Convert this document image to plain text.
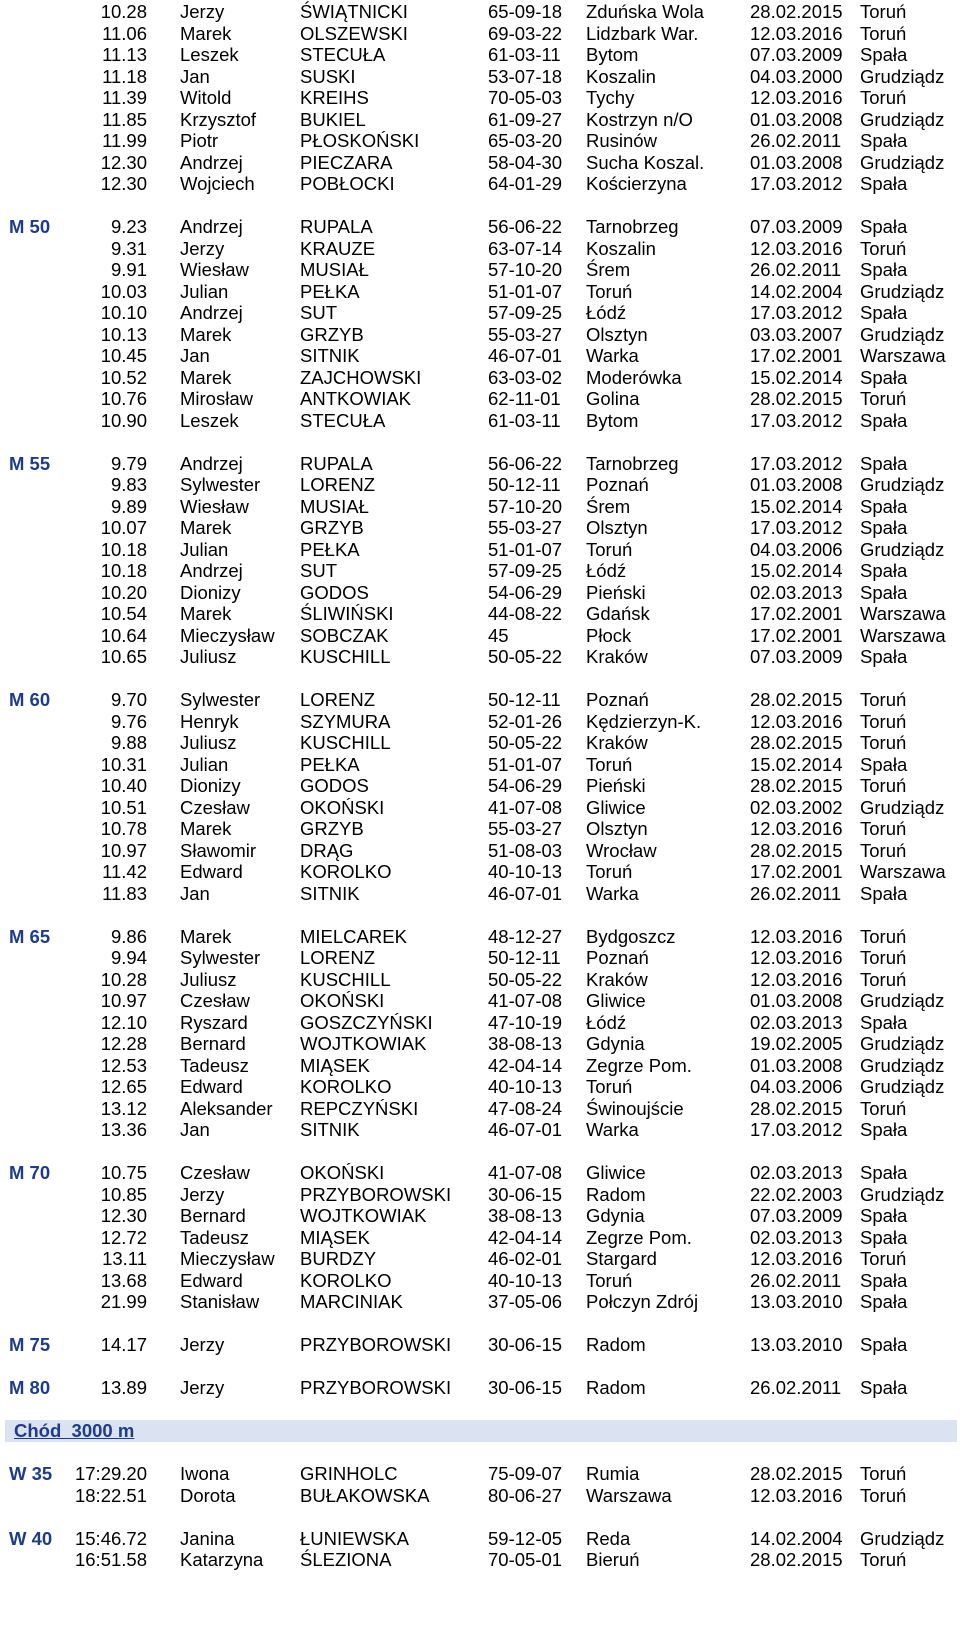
10.28 Jerzy	ŚWIĄTNICKI	65-09-18 Zduńska Wola 28.02.2015 Toruń
11.06 Marek	OLSZEWSKI	69-03-22 Lidzbark War.	12.03.2016 Toruń
11.13 Leszek	STECUŁA	61-03-11 Bytom	07.03.2009 Spała
11.18 Jan	SUSKI	53-07-18 Koszalin	04.03.2000 Grudziądz
11.39 Witold	KREIHS	70-05-03 Tychy	12.03.2016 Toruń
11.85 Krzysztof BUKIEL	61-09-27 Kostrzyn n/O	01.03.2008 Grudziądz
11.99 Piotr	PŁOSKOŃSKI	65-03-20 Rusinów	26.02.2011 Spała
12.30 Andrzej	PIECZARA	58-04-30 Sucha Koszal. 01.03.2008 Grudziądz
12.30 Wojciech POBŁOCKI	64-01-29 Kościerzyna	17.03.2012 Spała
M 50	9.23 Andrzej	RUPALA	56-06-22 Tarnobrzeg	07.03.2009 Spała
9.31 Jerzy	KRAUZE	63-07-14 Koszalin	12.03.2016 Toruń
9.91 Wiesław	MUSIAŁ	57-10-20 Śrem	26.02.2011 Spała
10.03 Julian	PEŁKA	51-01-07 Toruń	14.02.2004 Grudziądz
10.10 Andrzej	SUT	57-09-25 Łódź	17.03.2012 Spała
10.13 Marek	GRZYB	55-03-27 Olsztyn	03.03.2007 Grudziądz
10.45 Jan	SITNIK	46-07-01 Warka	17.02.2001 Warszawa
10.52 Marek	ZAJCHOWSKI	63-03-02 Moderówka	15.02.2014 Spała
10.76 Mirosław	ANTKOWIAK	62-11-01 Golina	28.02.2015 Toruń
10.90 Leszek	STECUŁA	61-03-11 Bytom	17.03.2012 Spała
M 55	9.79 Andrzej	RUPALA	56-06-22 Tarnobrzeg	17.03.2012 Spała
9.83 Sylwester LORENZ	50-12-11 Poznań	01.03.2008 Grudziądz
9.89 Wiesław	MUSIAŁ	57-10-20 Śrem	15.02.2014 Spała
10.07 Marek	GRZYB	55-03-27 Olsztyn	17.03.2012 Spała
10.18 Julian	PEŁKA	51-01-07 Toruń	04.03.2006 Grudziądz
10.18 Andrzej	SUT	57-09-25 Łódź	15.02.2014 Spała
10.20 Dionizy	GODOS	54-06-29 Pieński	02.03.2013 Spała
10.54 Marek	ŚLIWIŃSKI	44-08-22 Gdańsk	17.02.2001 Warszawa
10.64 Mieczysław SOBCZAK	45	Płock	17.02.2001 Warszawa
10.65 Juliusz	KUSCHILL	50-05-22 Kraków	07.03.2009 Spała
M 60	9.70 Sylwester LORENZ	50-12-11 Poznań	28.02.2015 Toruń
9.76 Henryk	SZYMURA	52-01-26 Kędzierzyn-K.	12.03.2016 Toruń
9.88 Juliusz	KUSCHILL	50-05-22 Kraków	28.02.2015 Toruń
10.31 Julian	PEŁKA	51-01-07 Toruń	15.02.2014 Spała
10.40 Dionizy	GODOS	54-06-29 Pieński	28.02.2015 Toruń
10.51 Czesław	OKOŃSKI	41-07-08 Gliwice	02.03.2002 Grudziądz
10.78 Marek	GRZYB	55-03-27 Olsztyn	12.03.2016 Toruń
10.97 Sławomir DRĄG	51-08-03 Wrocław	28.02.2015 Toruń
11.42 Edward	KOROLKO	40-10-13 Toruń	17.02.2001 Warszawa
11.83 Jan	SITNIK	46-07-01 Warka	26.02.2011 Spała
M 65	9.86 Marek	MIELCAREK	48-12-27 Bydgoszcz	12.03.2016 Toruń
9.94 Sylwester LORENZ	50-12-11 Poznań	12.03.2016 Toruń
10.28 Juliusz	KUSCHILL	50-05-22 Kraków	12.03.2016 Toruń
10.97 Czesław	OKOŃSKI	41-07-08 Gliwice	01.03.2008 Grudziądz
12.10 Ryszard	GOSZCZYŃSKI	47-10-19 Łódź	02.03.2013 Spała
12.28 Bernard	WOJTKOWIAK	38-08-13 Gdynia	19.02.2005 Grudziądz
12.53 Tadeusz	MIĄSEK	42-04-14 Zegrze Pom.	01.03.2008 Grudziądz
12.65 Edward	KOROLKO	40-10-13 Toruń	04.03.2006 Grudziądz
13.12 Aleksander REPCZYŃSKI	47-08-24 Świnoujście	28.02.2015 Toruń
13.36 Jan	SITNIK	46-07-01 Warka	17.03.2012 Spała
M 70	10.75 Czesław	OKOŃSKI	41-07-08 Gliwice	02.03.2013 Spała
10.85 Jerzy	PRZYBOROWSKI 30-06-15 Radom	22.02.2003 Grudziądz
12.30 Bernard	WOJTKOWIAK	38-08-13 Gdynia	07.03.2009 Spała
12.72 Tadeusz	MIĄSEK	42-04-14 Zegrze Pom.	02.03.2013 Spała
13.11 Mieczysław BURDZY	46-02-01 Stargard	12.03.2016 Toruń
13.68 Edward	KOROLKO	40-10-13 Toruń	26.02.2011 Spała
21.99 Stanisław MARCINIAK	37-05-06 Połczyn Zdrój	13.03.2010 Spała
M 75	14.17 Jerzy	PRZYBOROWSKI 30-06-15 Radom	13.03.2010 Spała
M 80	13.89 Jerzy	PRZYBOROWSKI 30-06-15 Radom	26.02.2011 Spała
Chód  3000 m
W 35	17:29.20 Iwona	GRINHOLC	75-09-07 Rumia	28.02.2015 Toruń
18:22.51 Dorota	BUŁAKOWSKA	80-06-27 Warszawa	12.03.2016 Toruń
W 40	15:46.72 Janina	ŁUNIEWSKA	59-12-05 Reda	14.02.2004 Grudziądz
16:51.58 Katarzyna ŚLEZIONA	70-05-01 Bieruń	28.02.2015 Toruń
